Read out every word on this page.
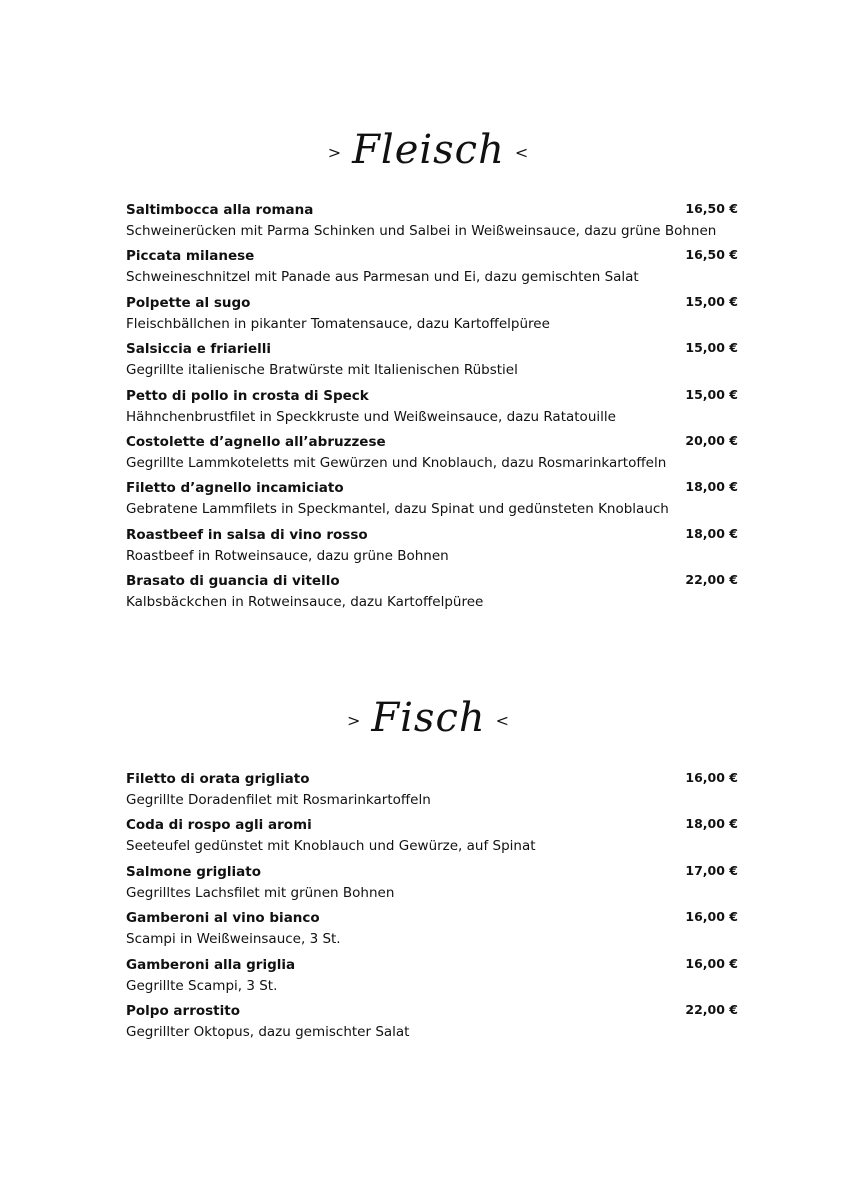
> Fleisch <
Saltimbocca alla romana	16,50 €
Schweinerücken mit Parma Schinken und Salbei in Weißweinsauce, dazu grüne Bohnen
Piccata milanese	16,50 €
Schweineschnitzel mit Panade aus Parmesan und Ei, dazu gemischten Salat
Polpette al sugo	15,00 €
Fleischbällchen in pikanter Tomatensauce, dazu Kartoffelpüree
Salsiccia e friarielli	15,00 €
Gegrillte italienische Bratwürste mit Italienischen Rübstiel
Petto di pollo in crosta di Speck	15,00 €
Hähnchenbrustfilet in Speckkruste und Weißweinsauce, dazu Ratatouille
Costolette d’agnello all’abruzzese	20,00 €
Gegrillte Lammkoteletts mit Gewürzen und Knoblauch, dazu Rosmarinkartoffeln
Filetto d’agnello incamiciato	18,00 €
Gebratene Lammfilets in Speckmantel, dazu Spinat und gedünsteten Knoblauch
Roastbeef in salsa di vino rosso	18,00 €
Roastbeef in Rotweinsauce, dazu grüne Bohnen
Brasato di guancia di vitello	22,00 €
Kalbsbäckchen in Rotweinsauce, dazu Kartoffelpüree
> Fisch <
Filetto di orata grigliato	16,00 €
Gegrillte Doradenfilet mit Rosmarinkartoffeln
Coda di rospo agli aromi	18,00 €
Seeteufel gedünstet mit Knoblauch und Gewürze, auf Spinat
Salmone grigliato	17,00 €
Gegrilltes Lachsfilet mit grünen Bohnen
Gamberoni al vino bianco	16,00 €
Scampi in Weißweinsauce, 3 St.
Gamberoni alla griglia	16,00 €
Gegrillte Scampi, 3 St.
Polpo arrostito	22,00 €
Gegrillter Oktopus, dazu gemischter Salat
